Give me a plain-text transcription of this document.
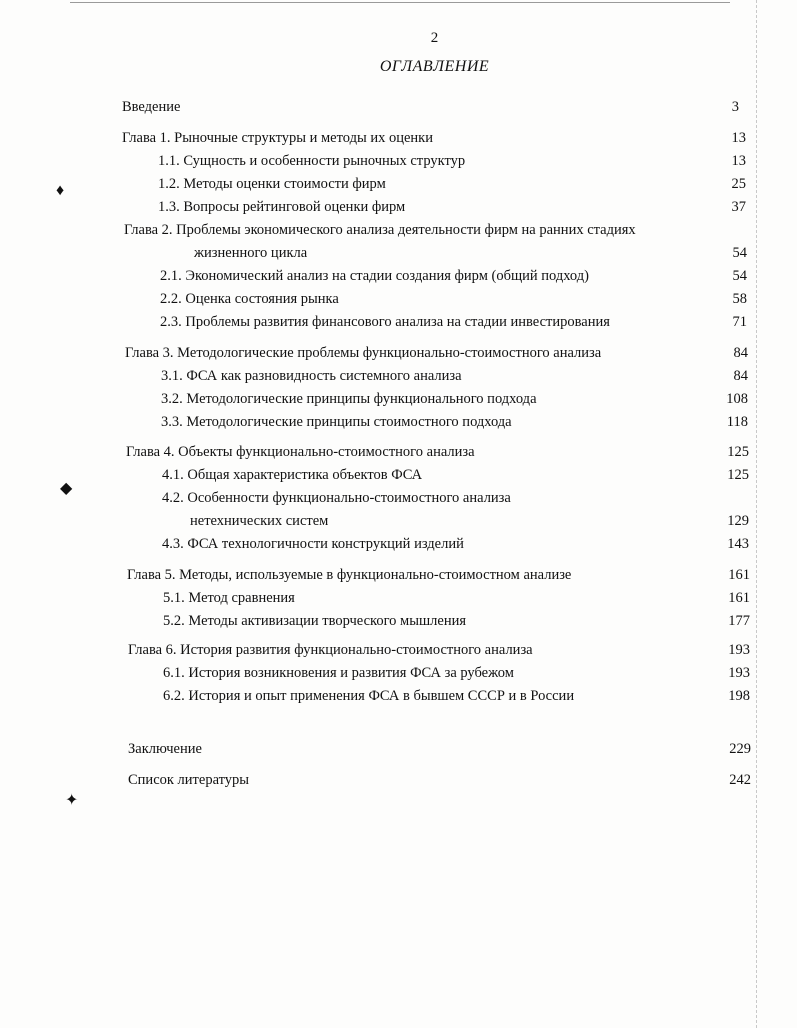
2
ОГЛАВЛЕНИЕ
Введение	3
Глава 1. Рыночные структуры и методы их оценки	13
1.1. Сущность и особенности рыночных структур	13
1.2. Методы оценки стоимости фирм	25
1.3. Вопросы рейтинговой оценки фирм	37
Глава 2. Проблемы экономического анализа деятельности фирм на ранних стадиях
жизненного цикла	54
2.1. Экономический анализ на стадии создания фирм (общий подход)	54
2.2. Оценка состояния рынка	58
2.3. Проблемы развития финансового анализа на стадии инвестирования	71
Глава 3. Методологические проблемы функционально-стоимостного анализа	84
3.1. ФСА как разновидность системного анализа	84
3.2. Методологические принципы функционального подхода	108
3.3. Методологические принципы стоимостного подхода	118
Глава 4. Объекты функционально-стоимостного анализа	125
4.1. Общая характеристика объектов ФСА	125
4.2. Особенности функционально-стоимостного анализа
нетехнических систем	129
4.3. ФСА технологичности конструкций изделий	143
Глава 5. Методы, используемые в функционально-стоимостном анализе	161
5.1. Метод сравнения	161
5.2. Методы активизации творческого мышления	177
Глава 6. История развития функционально-стоимостного анализа	193
6.1. История возникновения и развития ФСА за рубежом	193
6.2. История и опыт применения ФСА в бывшем СССР и в России	198
Заключение	229
Список литературы	242
♦
◆
✦
